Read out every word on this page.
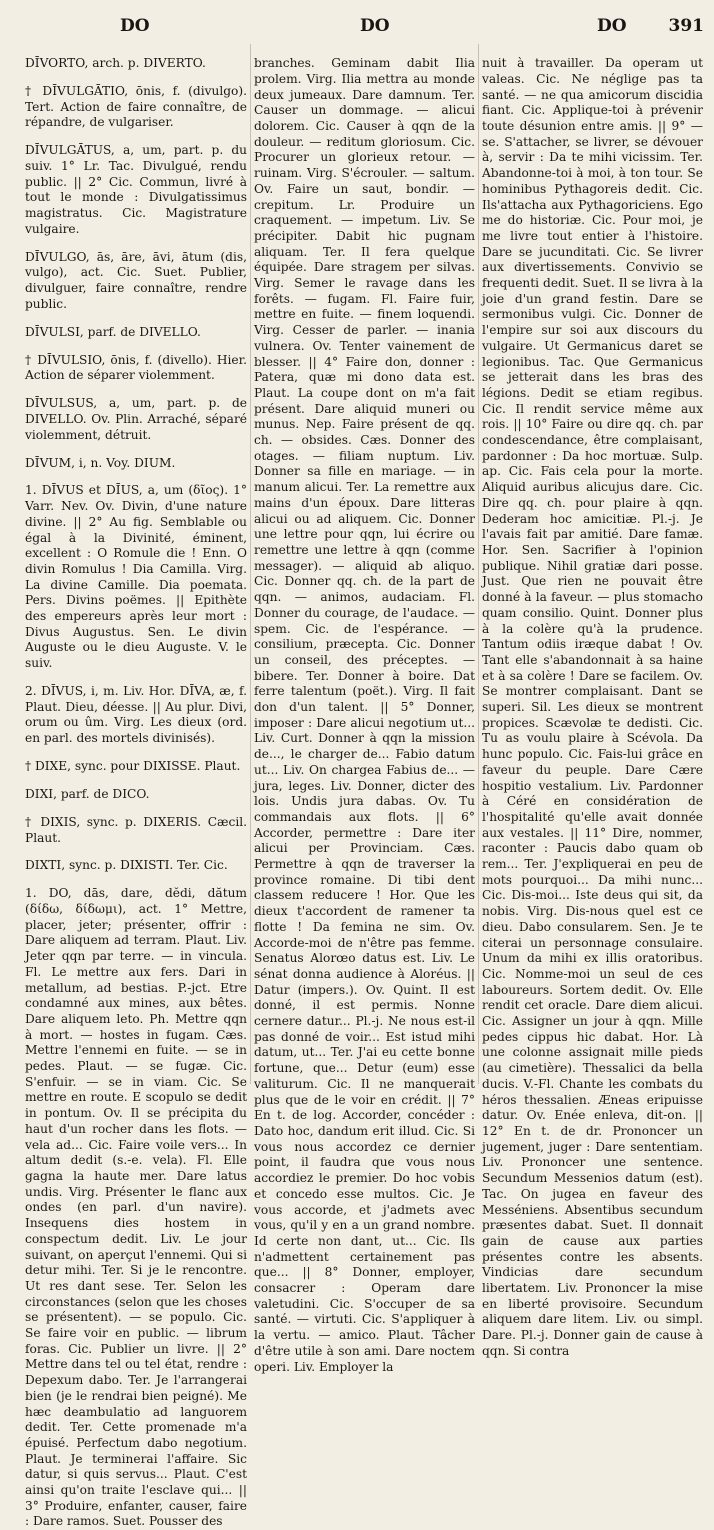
DO	DO	DO 391

DĪVORTO, arch. p. DIVERTO.

† DĪVULGĀTIO, ōnis, f. (divulgo). Tert. Action de faire connaître, de répandre, de vulgariser.

DĪVULGĀTUS, a, um, part. p. du suiv. 1° Lr. Tac. Divulgué, rendu public. || 2° Cic. Commun, livré à tout le monde : Divulgatissimus magistratus. Cic. Magistrature vulgaire.

DĪVULGO, ās, āre, āvi, ātum (dis, vulgo), act. Cic. Suet. Publier, divulguer, faire connaître, rendre public.

DĪVULSI, parf. de DIVELLO.

† DĪVULSIO, ōnis, f. (divello). Hier. Action de séparer violemment.

DĪVULSUS, a, um, part. p. de DIVELLO. Ov. Plin. Arraché, séparé violemment, détruit.

DĪVUM, i, n. Voy. DIUM.

1. DĪVUS et DĪUS, a, um (δῖος). 1° Varr. Nev. Ov. Divin, d'une nature divine. || 2° Au fig. Semblable ou égal à la Divinité, éminent, excellent : O Romule die ! Enn. O divin Romulus ! Dia Camilla. Virg. La divine Camille. Dia poemata. Pers. Divins poëmes. || Epithète des empereurs après leur mort : Divus Augustus. Sen. Le divin Auguste ou le dieu Auguste. V. le suiv.

2. DĪVUS, i, m. Liv. Hor. DĪVA, æ, f. Plaut. Dieu, déesse. || Au plur. Divi, orum ou ûm. Virg. Les dieux (ord. en parl. des mortels divinisés).

† DIXE, sync. pour DIXISSE. Plaut.

DIXI, parf. de DICO.

† DIXIS, sync. p. DIXERIS. Cæcil. Plaut.

DIXTI, sync. p. DIXISTI. Ter. Cic.

1. DO, dās, dare, dĕdi, dătum (δίδω, δίδωμι), act. 1° Mettre, placer, jeter; présenter, offrir : Dare aliquem ad terram. Plaut. Liv. Jeter qqn par terre. — in vincula. Fl. Le mettre aux fers. Dari in metallum, ad bestias. P.-jct. Etre condamné aux mines, aux bêtes. Dare aliquem leto. Ph. Mettre qqn à mort. — hostes in fugam. Cæs. Mettre l'ennemi en fuite. — se in pedes. Plaut. — se fugæ. Cic. S'enfuir. — se in viam. Cic. Se mettre en route. E scopulo se dedit in pontum. Ov. Il se précipita du haut d'un rocher dans les flots. — vela ad... Cic. Faire voile vers... In altum dedit (s.-e. vela). Fl. Elle gagna la haute mer. Dare latus undis. Virg. Présenter le flanc aux ondes (en parl. d'un navire). Insequens dies hostem in conspectum dedit. Liv. Le jour suivant, on aperçut l'ennemi. Qui si detur mihi. Ter. Si je le rencontre. Ut res dant sese. Ter. Selon les circonstances (selon que les choses se présentent). — se populo. Cic. Se faire voir en public. — librum foras. Cic. Publier un livre. || 2° Mettre dans tel ou tel état, rendre : Depexum dabo. Ter. Je l'arrangerai bien (je le rendrai bien peigné). Me hæc deambulatio ad languorem dedit. Ter. Cette promenade m'a épuisé. Perfectum dabo negotium. Plaut. Je terminerai l'affaire. Sic datur, si quis servus... Plaut. C'est ainsi qu'on traite l'esclave qui... || 3° Produire, enfanter, causer, faire : Dare ramos. Suet. Pousser des

branches. Geminam dabit Ilia prolem. Virg. Ilia mettra au monde deux jumeaux. Dare damnum. Ter. Causer un dommage. — alicui dolorem. Cic. Causer à qqn de la douleur. — reditum gloriosum. Cic. Procurer un glorieux retour. — ruinam. Virg. S'écrouler. — saltum. Ov. Faire un saut, bondir. — crepitum. Lr. Produire un craquement. — impetum. Liv. Se précipiter. Dabit hic pugnam aliquam. Ter. Il fera quelque équipée. Dare stragem per silvas. Virg. Semer le ravage dans les forêts. — fugam. Fl. Faire fuir, mettre en fuite. — finem loquendi. Virg. Cesser de parler. — inania vulnera. Ov. Tenter vainement de blesser. || 4° Faire don, donner : Patera, quæ mi dono data est. Plaut. La coupe dont on m'a fait présent. Dare aliquid muneri ou munus. Nep. Faire présent de qq. ch. — obsides. Cæs. Donner des otages. — filiam nuptum. Liv. Donner sa fille en mariage. — in manum alicui. Ter. La remettre aux mains d'un époux. Dare litteras alicui ou ad aliquem. Cic. Donner une lettre pour qqn, lui écrire ou remettre une lettre à qqn (comme messager). — aliquid ab aliquo. Cic. Donner qq. ch. de la part de qqn. — animos, audaciam. Fl. Donner du courage, de l'audace. — spem. Cic. de l'espérance. — consilium, præcepta. Cic. Donner un conseil, des préceptes. — bibere. Ter. Donner à boire. Dat ferre talentum (poët.). Virg. Il fait don d'un talent. || 5° Donner, imposer : Dare alicui negotium ut... Liv. Curt. Donner à qqn la mission de..., le charger de... Fabio datum ut... Liv. On chargea Fabius de... — jura, leges. Liv. Donner, dicter des lois. Undis jura dabas. Ov. Tu commandais aux flots. || 6° Accorder, permettre : Dare iter alicui per Provinciam. Cæs. Permettre à qqn de traverser la province romaine. Di tibi dent classem reducere ! Hor. Que les dieux t'accordent de ramener ta flotte ! Da femina ne sim. Ov. Accorde-moi de n'être pas femme. Senatus Alorœo datus est. Liv. Le sénat donna audience à Aloréus. || Datur (impers.). Ov. Quint. Il est donné, il est permis. Nonne cernere datur... Pl.-j. Ne nous est-il pas donné de voir... Est istud mihi datum, ut... Ter. J'ai eu cette bonne fortune, que... Detur (eum) esse valiturum. Cic. Il ne manquerait plus que de le voir en crédit. || 7° En t. de log. Accorder, concéder : Dato hoc, dandum erit illud. Cic. Si vous nous accordez ce dernier point, il faudra que vous nous accordiez le premier. Do hoc vobis et concedo esse multos. Cic. Je vous accorde, et j'admets avec vous, qu'il y en a un grand nombre. Id certe non dant, ut... Cic. Ils n'admettent certainement pas que... || 8° Donner, employer, consacrer : Operam dare valetudini. Cic. S'occuper de sa santé. — virtuti. Cic. S'appliquer à la vertu. — amico. Plaut. Tâcher d'être utile à son ami. Dare noctem operi. Liv. Employer la

nuit à travailler. Da operam ut valeas. Cic. Ne néglige pas ta santé. — ne qua amicorum discidia fiant. Cic. Applique-toi à prévenir toute désunion entre amis. || 9° — se. S'attacher, se livrer, se dévouer à, servir : Da te mihi vicissim. Ter. Abandonne-toi à moi, à ton tour. Se hominibus Pythagoreis dedit. Cic. Ils'attacha aux Pythagoriciens. Ego me do historiæ. Cic. Pour moi, je me livre tout entier à l'histoire. Dare se jucunditati. Cic. Se livrer aux divertissements. Convivio se frequenti dedit. Suet. Il se livra à la joie d'un grand festin. Dare se sermonibus vulgi. Cic. Donner de l'empire sur soi aux discours du vulgaire. Ut Germanicus daret se legionibus. Tac. Que Germanicus se jetterait dans les bras des légions. Dedit se etiam regibus. Cic. Il rendit service même aux rois. || 10° Faire ou dire qq. ch. par condescendance, être complaisant, pardonner : Da hoc mortuæ. Sulp. ap. Cic. Fais cela pour la morte. Aliquid auribus alicujus dare. Cic. Dire qq. ch. pour plaire à qqn. Dederam hoc amicitiæ. Pl.-j. Je l'avais fait par amitié. Dare famæ. Hor. Sen. Sacrifier à l'opinion publique. Nihil gratiæ dari posse. Just. Que rien ne pouvait être donné à la faveur. — plus stomacho quam consilio. Quint. Donner plus à la colère qu'à la prudence. Tantum odiis iræque dabat ! Ov. Tant elle s'abandonnait à sa haine et à sa colère ! Dare se facilem. Ov. Se montrer complaisant. Dant se superi. Sil. Les dieux se montrent propices. Scævolæ te dedisti. Cic. Tu as voulu plaire à Scévola. Da hunc populo. Cic. Fais-lui grâce en faveur du peuple. Dare Cære hospitio vestalium. Liv. Pardonner à Céré en considération de l'hospitalité qu'elle avait donnée aux vestales. || 11° Dire, nommer, raconter : Paucis dabo quam ob rem... Ter. J'expliquerai en peu de mots pourquoi... Da mihi nunc... Cic. Dis-moi... Iste deus qui sit, da nobis. Virg. Dis-nous quel est ce dieu. Dabo consularem. Sen. Je te citerai un personnage consulaire. Unum da mihi ex illis oratoribus. Cic. Nomme-moi un seul de ces laboureurs. Sortem dedit. Ov. Elle rendit cet oracle. Dare diem alicui. Cic. Assigner un jour à qqn. Mille pedes cippus hic dabat. Hor. Là une colonne assignait mille pieds (au cimetière). Thessalici da bella ducis. V.-Fl. Chante les combats du héros thessalien. Æneas eripuisse datur. Ov. Enée enleva, dit-on. || 12° En t. de dr. Prononcer un jugement, juger : Dare sententiam. Liv. Prononcer une sentence. Secundum Messenios datum (est). Tac. On jugea en faveur des Messéniens. Absentibus secundum præsentes dabat. Suet. Il donnait gain de cause aux parties présentes contre les absents. Vindicias dare secundum libertatem. Liv. Prononcer la mise en liberté provisoire. Secundum aliquem dare litem. Liv. ou simpl. Dare. Pl.-j. Donner gain de cause à qqn. Si contra
